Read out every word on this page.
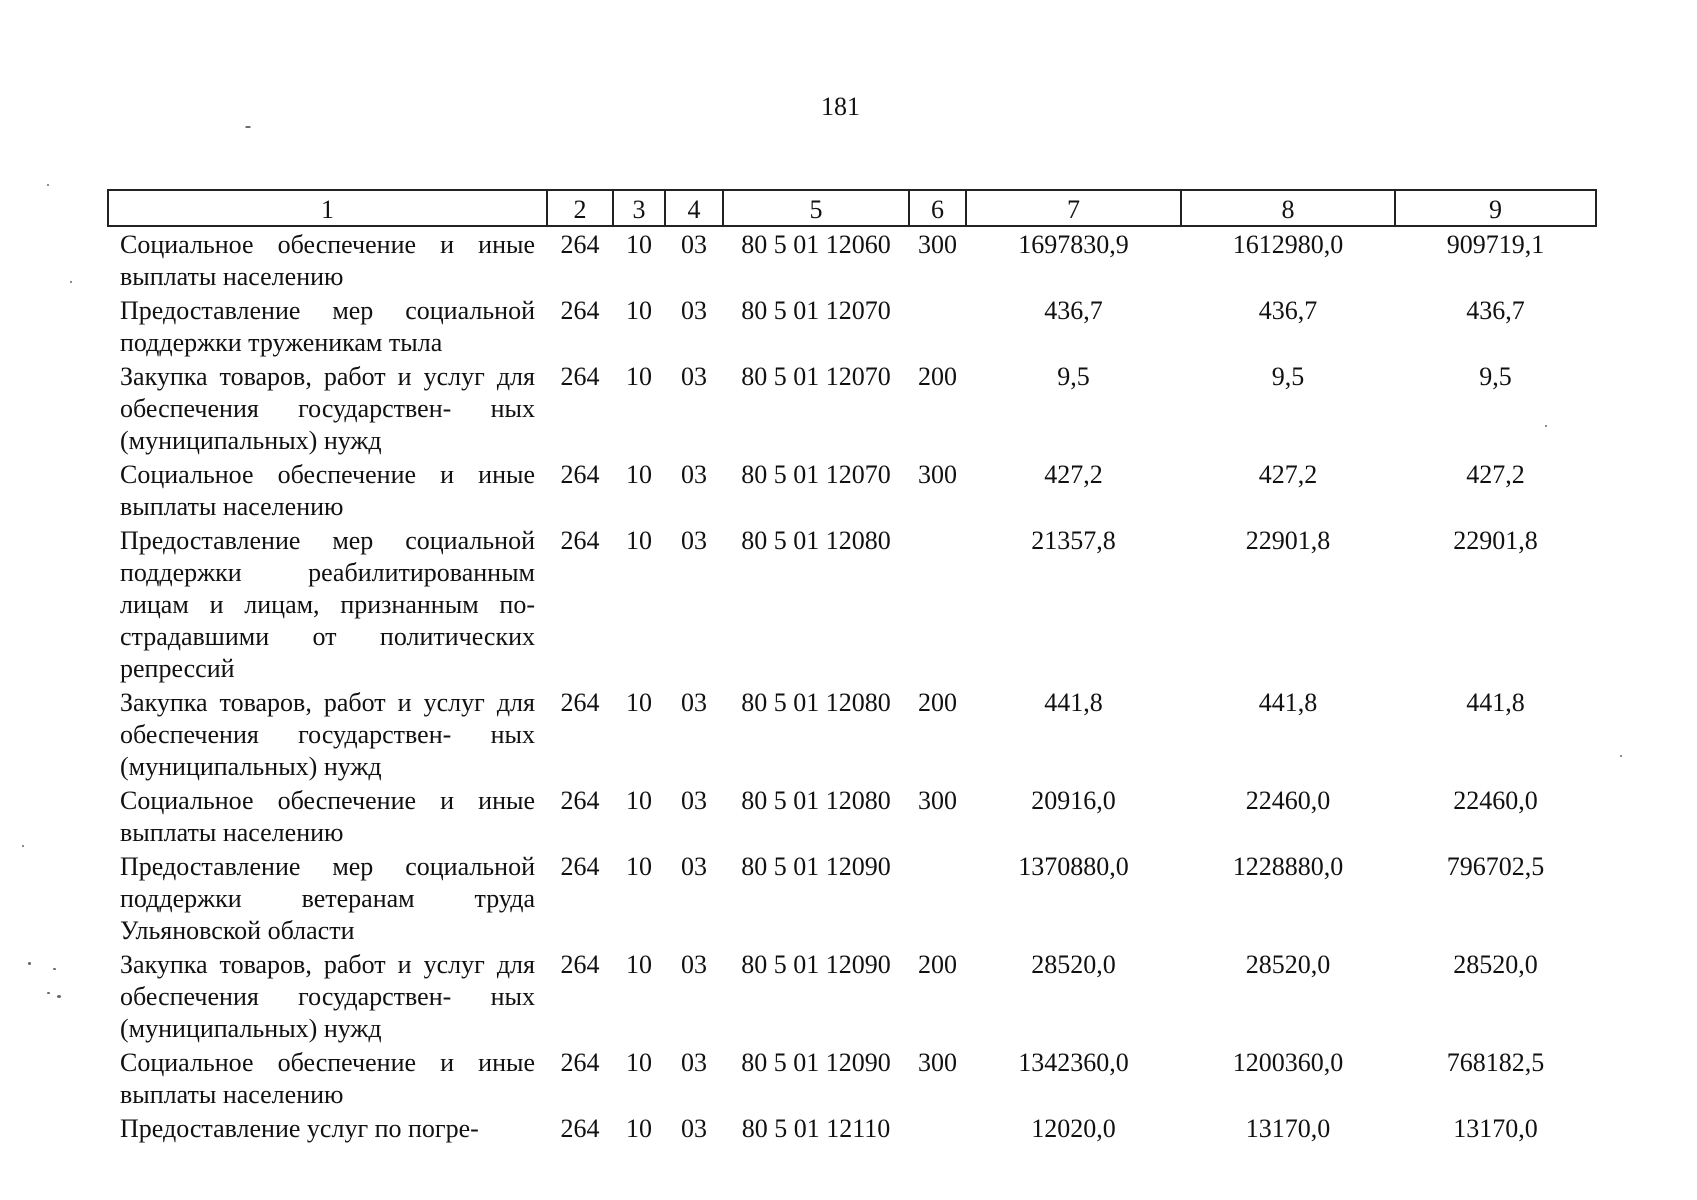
181
1	2	3	4	5	6	7	8	9
Социальное обеспечение и иные выплаты населению	264	10	03	80 5 01 12060	300	1697830,9	1612980,0	909719,1
Предоставление мер социальной поддержки труженикам тыла	264	10	03	80 5 01 12070		436,7	436,7	436,7
Закупка товаров, работ и услуг для обеспечения государствен- ных (муниципальных) нужд	264	10	03	80 5 01 12070	200	9,5	9,5	9,5
Социальное обеспечение и иные выплаты населению	264	10	03	80 5 01 12070	300	427,2	427,2	427,2
Предоставление мер социальной поддержки реабилитированным лицам и лицам, признанным по- страдавшими от политических репрессий	264	10	03	80 5 01 12080		21357,8	22901,8	22901,8
Закупка товаров, работ и услуг для обеспечения государствен- ных (муниципальных) нужд	264	10	03	80 5 01 12080	200	441,8	441,8	441,8
Социальное обеспечение и иные выплаты населению	264	10	03	80 5 01 12080	300	20916,0	22460,0	22460,0
Предоставление мер социальной поддержки ветеранам труда Ульяновской области	264	10	03	80 5 01 12090		1370880,0	1228880,0	796702,5
Закупка товаров, работ и услуг для обеспечения государствен- ных (муниципальных) нужд	264	10	03	80 5 01 12090	200	28520,0	28520,0	28520,0
Социальное обеспечение и иные выплаты населению	264	10	03	80 5 01 12090	300	1342360,0	1200360,0	768182,5
Предоставление услуг по погре-	264	10	03	80 5 01 12110		12020,0	13170,0	13170,0
